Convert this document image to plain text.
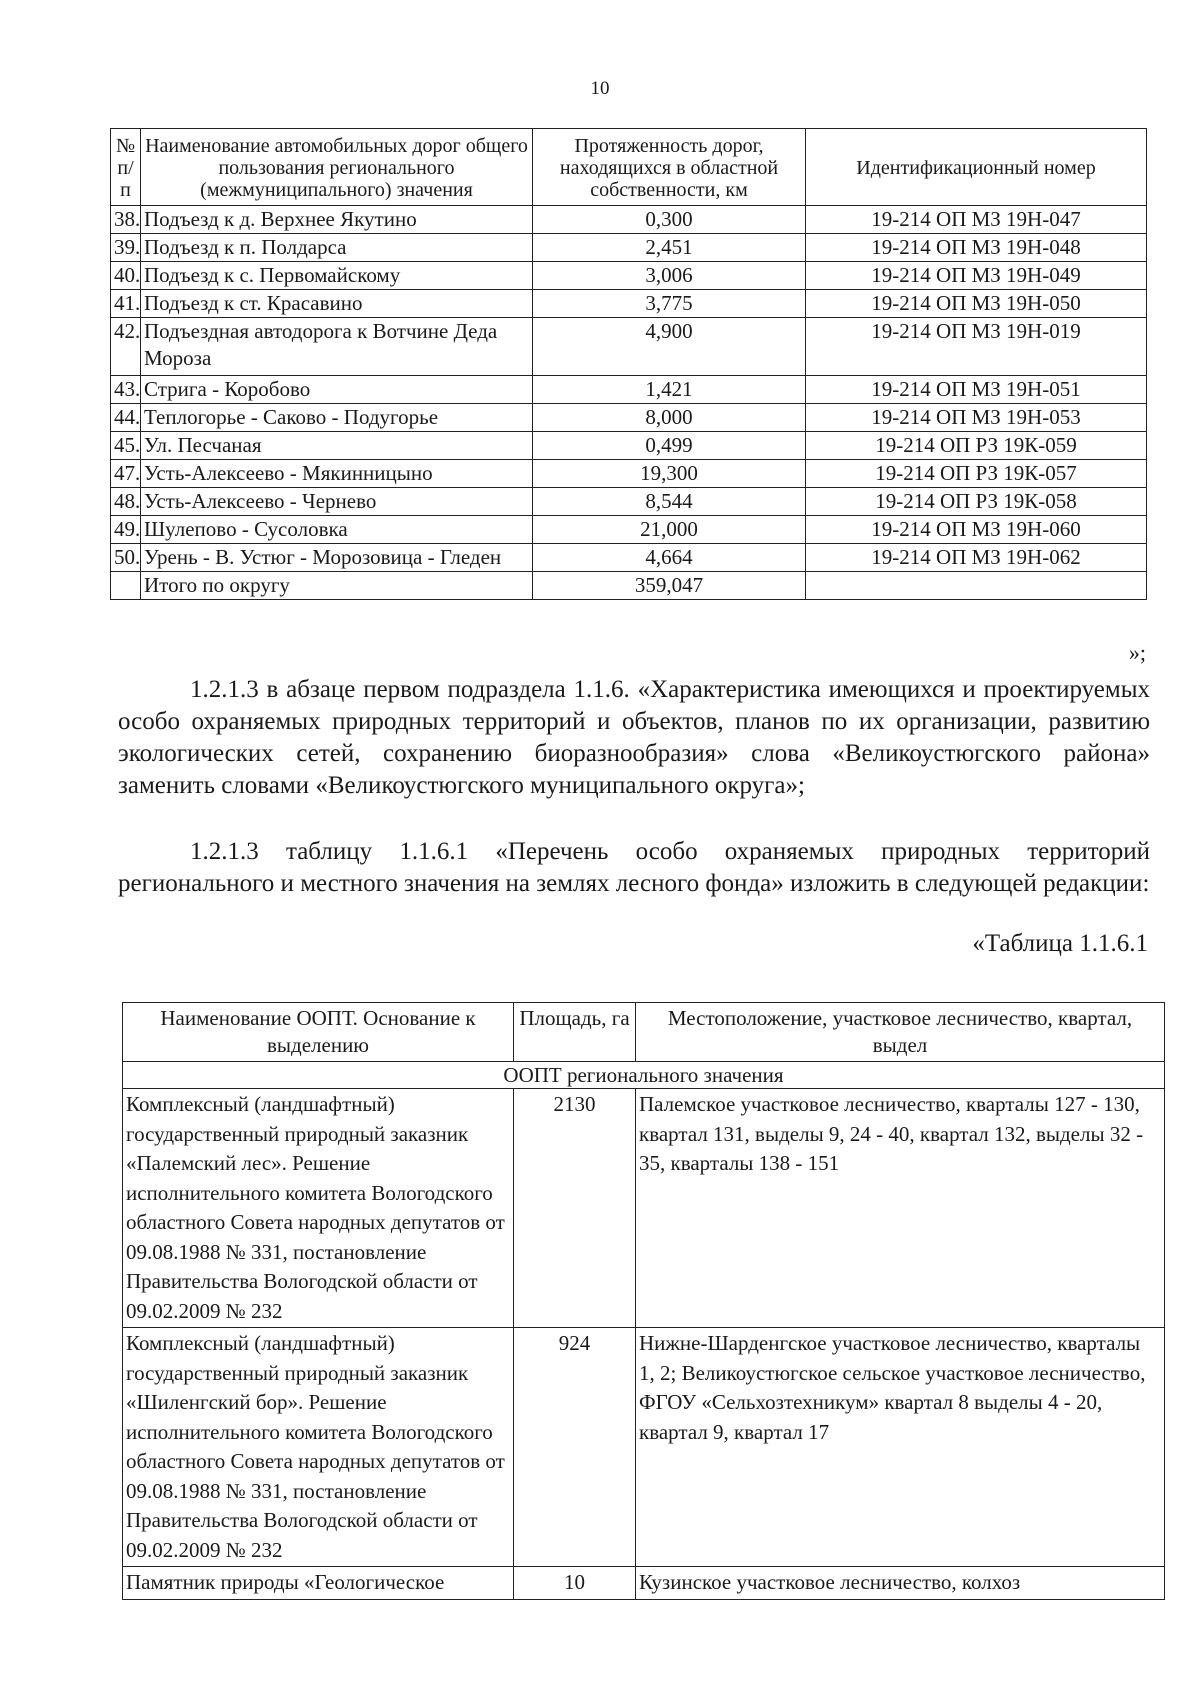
10
№ п/п	Наименование автомобильных дорог общего пользования регионального (межмуниципального) значения	Протяженность дорог, находящихся в областной собственности, км	Идентификационный номер
38.	Подъезд к д. Верхнее Якутино	0,300	19-214 ОП МЗ 19Н-047
39.	Подъезд к п. Полдарса	2,451	19-214 ОП МЗ 19Н-048
40.	Подъезд к с. Первомайскому	3,006	19-214 ОП МЗ 19Н-049
41.	Подъезд к ст. Красавино	3,775	19-214 ОП МЗ 19Н-050
42.	Подъездная автодорога к Вотчине Деда Мороза	4,900	19-214 ОП МЗ 19Н-019
43.	Стрига - Коробово	1,421	19-214 ОП МЗ 19Н-051
44.	Теплогорье - Саково - Подугорье	8,000	19-214 ОП МЗ 19Н-053
45.	Ул. Песчаная	0,499	19-214 ОП РЗ 19К-059
47.	Усть-Алексеево - Мякинницыно	19,300	19-214 ОП РЗ 19К-057
48.	Усть-Алексеево - Чернево	8,544	19-214 ОП РЗ 19К-058
49.	Шулепово - Сусоловка	21,000	19-214 ОП МЗ 19Н-060
50.	Урень - В. Устюг - Морозовица - Гледен	4,664	19-214 ОП МЗ 19Н-062
	Итого по округу	359,047	
»;

1.2.1.3 в абзаце первом подраздела 1.1.6. «Характеристика имеющихся и проектируемых особо охраняемых природных территорий и объектов, планов по их организации, развитию экологических сетей, сохранению биоразнообразия» слова «Великоустюгского района» заменить словами «Великоустюгского муниципального округа»;

1.2.1.3 таблицу 1.1.6.1 «Перечень особо охраняемых природных территорий регионального и местного значения на землях лесного фонда» изложить в следующей редакции:

«Таблица 1.1.6.1
Наименование ООПТ. Основание к выделению	Площадь, га	Местоположение, участковое лесничество, квартал, выдел
ООПТ регионального значения		
Комплексный (ландшафтный) государственный природный заказник «Палемский лес». Решение исполнительного комитета Вологодского областного Совета народных депутатов от 09.08.1988 № 331, постановление Правительства Вологодской области от 09.02.2009 № 232	2130	Палемское участковое лесничество, кварталы 127 - 130, квартал 131, выделы 9, 24 - 40, квартал 132, выделы 32 - 35, кварталы 138 - 151
Комплексный (ландшафтный) государственный природный заказник «Шиленгский бор». Решение исполнительного комитета Вологодского областного Совета народных депутатов от 09.08.1988 № 331, постановление Правительства Вологодской области от 09.02.2009 № 232	924	Нижне-Шарденгское участковое лесничество, кварталы 1, 2; Великоустюгское сельское участковое лесничество, ФГОУ «Сельхозтехникум» квартал 8 выделы 4 - 20, квартал 9, квартал 17
Памятник природы «Геологическое	10	Кузинское участковое лесничество, колхоз
